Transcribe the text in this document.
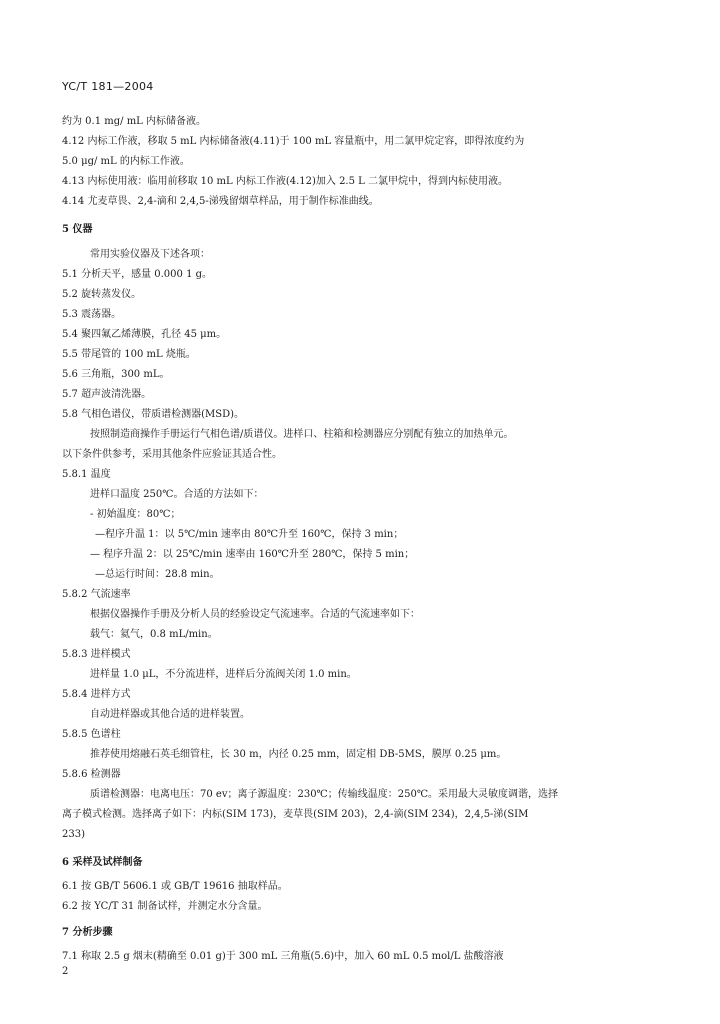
YC/T 181—2004
约为 0.1 mg/ mL 内标储备液。
4.12 内标工作液，移取 5 mL 内标储备液(4.11)于 100 mL 容量瓶中，用二氯甲烷定容，即得浓度约为
5.0 μg/ mL 的内标工作液。
4.13 内标使用液：临用前移取 10 mL 内标工作液(4.12)加入 2.5 L 二氯甲烷中，得到内标使用液。
4.14 尤麦草畏、2,4-滴和 2,4,5-涕残留烟草样品，用于制作标准曲线。
5 仪器
常用实验仪器及下述各项：
5.1 分析天平，感量 0.000 1 g。
5.2 旋转蒸发仪。
5.3 震荡器。
5.4 聚四氟乙烯薄膜，孔径 45 μm。
5.5 带尾管的 100 mL 烧瓶。
5.6 三角瓶，300 mL。
5.7 超声波清洗器。
5.8 气相色谱仪，带质谱检测器(MSD)。
按照制造商操作手册运行气相色谱/质谱仪。进样口、柱箱和检测器应分别配有独立的加热单元。
以下条件供参考，采用其他条件应验证其适合性。
5.8.1 温度
进样口温度 250℃。合适的方法如下：
- 初始温度：80℃；
—程序升温 1：以 5℃/min 速率由 80℃升至 160℃，保持 3 min；
— 程序升温 2：以 25℃/min 速率由 160℃升至 280℃，保持 5 min；
—总运行时间：28.8 min。
5.8.2 气流速率
根据仪器操作手册及分析人员的经验设定气流速率。合适的气流速率如下：
载气：氦气，0.8 mL/min。
5.8.3 进样模式
进样量 1.0 μL，不分流进样，进样后分流阀关闭 1.0 min。
5.8.4 进样方式
自动进样器或其他合适的进样装置。
5.8.5 色谱柱
推荐使用熔融石英毛细管柱，长 30 m，内径 0.25 mm，固定相 DB-5MS，膜厚 0.25 μm。
5.8.6 检测器
质谱检测器：电离电压：70 ev；离子源温度：230℃；传输线温度：250℃。采用最大灵敏度调谐，选择
离子模式检测。选择离子如下：内标(SIM 173)，麦草畏(SIM 203)，2,4-滴(SIM 234)，2,4,5-涕(SIM
233)
6 采样及试样制备
6.1 按 GB/T 5606.1 或 GB/T 19616 抽取样品。
6.2 按 YC/T 31 制备试样，并测定水分含量。
7 分析步骤
7.1 称取 2.5 g 烟末(精确至 0.01 g)于 300 mL 三角瓶(5.6)中，加入 60 mL 0.5 mol/L 盐酸溶液
2
